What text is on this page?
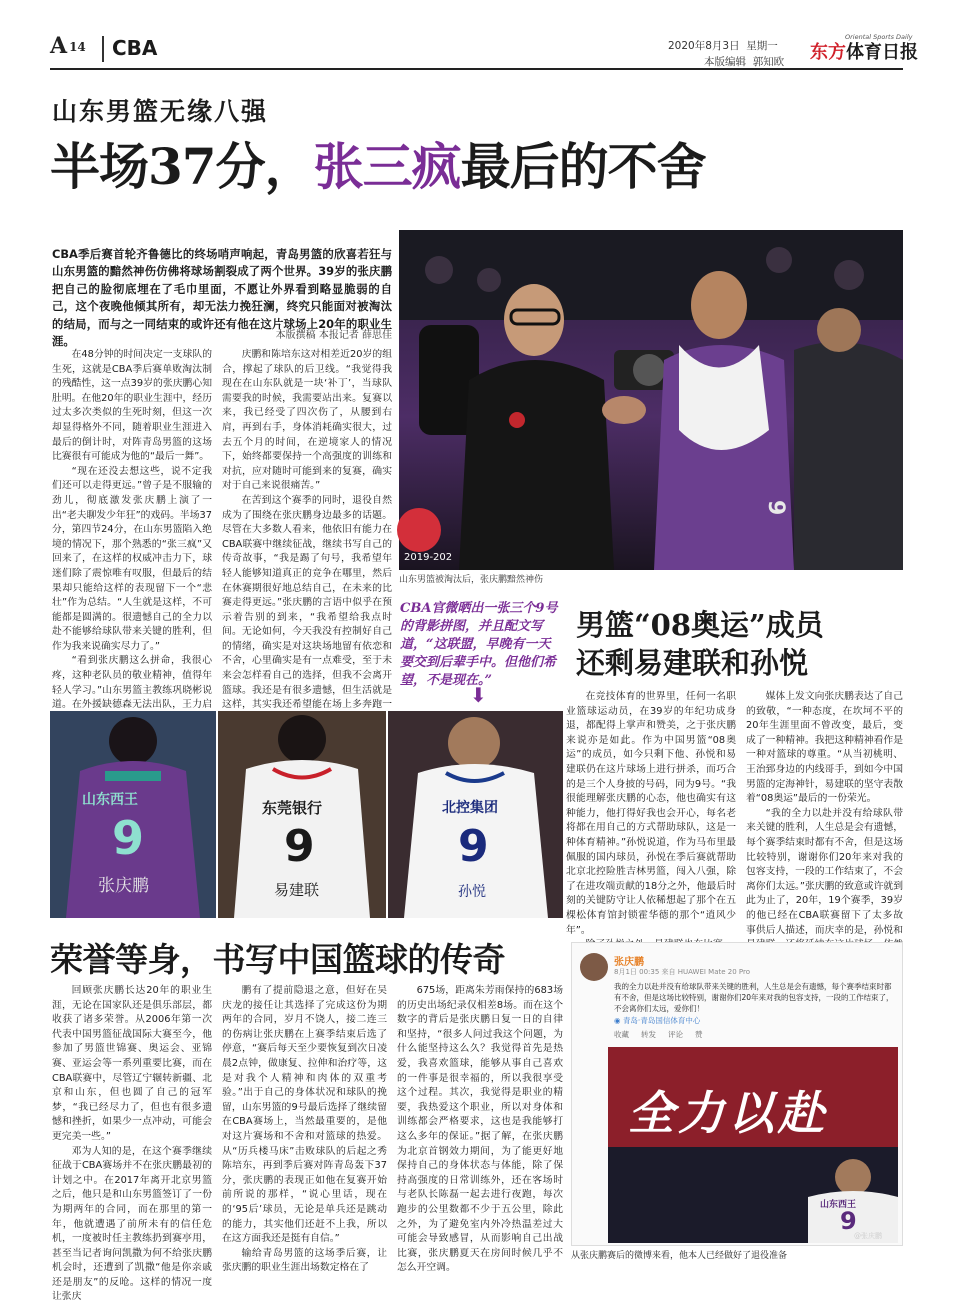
A 14 CBA	2020年8月3日 星期一
本版编辑 郭知欧
Oriental Sports Daily
东方体育日报
山东男篮无缘八强
半场37分，张三疯最后的不舍
CBA季后赛首轮齐鲁德比的终场哨声响起，青岛男篮的欣喜若狂与山东男篮的黯然神伤仿佛将球场割裂成了两个世界。39岁的张庆鹏把自己的脸彻底埋在了毛巾里面，不愿让外界看到略显脆弱的自己，这个夜晚他倾其所有，却无法力挽狂澜，终究只能面对被淘汰的结局，而与之一同结束的或许还有他在这片球场上20年的职业生涯。	本版撰稿 本报记者 薛思佳

在48分钟的时间决定一支球队的生死，这就是CBA季后赛单败淘汰制的残酷性，这一点39岁的张庆鹏心知肚明。在他20年的职业生涯中，经历过太多次类似的生死时刻，但这一次却显得格外不同，随着职业生涯进入最后的倒计时，对阵青岛男篮的这场比赛很有可能成为他的“最后一舞”。

“现在还没去想这些，说不定我们还可以走得更远。”曾子是不服输的劲儿，彻底激发张庆鹏上演了一出“老夫聊发少年狂”的戏码。半场37分，第四节24分，在山东男篮陷入绝境的情况下，那个熟悉的“张三疯”又回来了，在这样的权威冲击力下，球迷们除了震惊唯有叹服，但最后的结果却只能给这样的表现留下一个“悲壮”作为总结。“人生就是这样，不可能都是圆满的。很遗憾自己的全力以赴不能够给球队带来关键的胜利，但作为我来说确实尽力了。”

“看到张庆鹏这么拼命，我很心疼，这种老队员的敬业精神，值得年轻人学习。”山东男篮主教练巩晓彬说道。在外援缺德森无法出队，王力启

庆鹏和陈培东这对相差近20岁的组合，撑起了球队的后卫线。“我觉得我现在在山东队就是一块‘补丁’，当球队需要我的时候，我需要站出来。复赛以来，我已经受了四次伤了，从腰到右肩，再到右手，身体消耗确实很大，过去五个月的时间，在逆境家人的情况下，始终都要保持一个高强度的训练和对抗，应对随时可能到来的复赛，确实对于自己来说很痛苦。”

在苦到这个赛季的同时，退役自然成为了围绕在张庆鹏身边最多的话题。尽管在大多数人看来，他依旧有能力在CBA联赛中继续征战，继续书写自己的传奇故事，“我是踢了句号，我希望年轻人能够知道真正的竞争在哪里，然后在休赛期很好地总结自己，在未来的比赛走得更远。”张庆鹏的言语中似乎在预示着告别的到来，“我希望给我点时间。无论如何，今天我没有控制好自己的情绪，确实是对这块场地留有依恋和不舍，心里确实是有一点难受，至于未来会怎样看自己的选择，但我不会离开篮球。我还是有很多遗憾，但生活就是这样，其实我还希望能在场上多奔跑一

9
2019-202
山东男篮被淘汰后，张庆鹏黯然神伤
CBA官微晒出一张三个9号的背影拼图，并且配文写道，“这联盟，早晚有一天要交到后辈手中。但他们希望，不是现在。”
⬇
男篮“08奥运”成员
还剩易建联和孙悦

在竞技体育的世界里，任何一名职业篮球运动员，在39岁的年纪功成身退，都配得上掌声和赞美，之于张庆鹏来说亦是如此。作为中国男篮“08奥运”的成员，如今只剩下他、孙悦和易建联仍在这片球场上进行拼杀，而巧合的是三个人身披的号码，同为9号。“我很能理解张庆鹏的心态，他也确实有这种能力，他打得好我也会开心，每名老将都在用自己的方式帮助球队，这是一种体育精神。”孙悦说道，作为马布里最佩服的国内球员，孙悦在季后赛就帮助北京北控险胜吉林男篮，闯入八强，除了在进攻端贡献的18分之外，他最后时刻的关键防守让人依稀想起了那个在五棵松体育馆封锁霍华德的那个“逍风少年”。

媒体上发文向张庆鹏表达了自己的致敬，“一种态度，在坎坷不平的20年生涯里面不曾改变，最后，变成了一种精神。我把这种精神看作是一种对篮球的尊重。“从当初桃明、王治郅身边的内线哥手，到如今中国男篮的定海神针，易建联的坚守表散着“08奥运”最后的一份荣光。

“我的全力以赴并没有给球队带来关键的胜利，人生总是会有遗憾，每个赛季结束时都有不舍，但是这场比较特别，谢谢你们20年来对我的包容支持，一段的工作结束了，不会离你们太远。”张庆鹏的致意或许就到此为止了，20年，19个赛季，39岁的他已经在CBA联赛留下了太多故事供后人描述，而庆幸的是，孙悦和

山东西王
9
张庆鹏
东莞银行
9
易建联
北控集团
9
孙悦
荣誉等身，书写中国篮球的传奇

回顾张庆鹏长达20年的职业生涯，无论在国家队还是俱乐部层，都收获了诸多荣誉。从2006年第一次代表中国男篮征战国际大赛至今，他参加了男篮世锦赛、奥运会、亚锦赛、亚运会等一系列重要比赛，而在CBA联赛中，尽管辽宁辗转新疆、北京和山东，但也圆了自己的冠军梦，“我已经尽力了，但也有很多遗憾和挫折，如果少一点冲动，可能会更完美一些。”

邓为人知的是，在这个赛季继续征战于CBA赛场并不在张庆鹏最初的计划之中。在2017年离开北京男篮之后，他只是和山东男篮签订了一份为期两年的合同，而在那里的第一年，他就遭遇了前所未有的信任危机，一度被时任主教练扔到赛亭用，甚至当记者询问凯撒为何不给张庆鹏机会时，还遭到了凯撒“他是你亲戚还是朋友”的反呛。这样的情况一度让张庆

鹏有了提前隐退之意，但好在吴庆龙的接任让其选择了完成这份为期两年的合同，岁月不饶人，接二连三的伤病让张庆鹏在上赛季结束后选了停意，“赛后每天至少要恢复到次日凌晨2点钟，做康复、拉伸和治疗等，这是对我个人精神和肉体的双重考验。”出于自己的身体状况和球队的挽留，山东男篮的9号最后选择了继续留在CBA赛场上，当然最重要的，是他对这片赛场和不舍和对篮球的热爱。从“历兵楼马床”击败球队的后起之秀陈培东，再到季后赛对阵青岛轰下37分，张庆鹏的表现正如他在复赛开始前所说的那样，“说心里话，现在的‘95后’球员，无论是单兵还是跳动的能力，其实他们还赶不上我，所以在这方面我还是挺有自信。”

输给青岛男篮的这场季后赛，让张庆鹏的职业生涯出场数定格在了

675场，距离朱芳雨保持的683场的历史出场纪录仅相差8场。而在这个数字的背后是张庆鹏日复一日的自律和坚持，“很多人问过我这个问题，为什么能坚持这么久？我觉得首先是热爱，我喜欢篮球，能够从事自己喜欢的一件事是很幸福的，所以我很享受这个过程。其次，我觉得是职业的精要，我热爱这个职业，所以对身体和训练都会严格要求，这也是我能够打这么多年的保证。”据了解，在张庆鹏为北京首钢效力期间，为了能更好地保持自己的身体状态与体能，除了保持高强度的日常训练外，还在客场时与老队长陈磊一起去进行夜跑，每次跑步的公里数都不少于五公里，除此之外，为了避免室内外冷热温差过大可能会导致感冒，从而影响自己出战比赛，张庆鹏夏天在房间时候几乎不怎么开空调。

张庆鹏
8月1日 00:35 来自 HUAWEI Mate 20 Pro
我的全力以赴并没有给球队带来关键的胜利，人生总是会有遗憾，每个赛季结束时都有不舍，但是这场比较特别，谢谢你们20年来对我的包容支持，一段的工作结束了，不会离你们太远，爱你们！
◉ 青岛·青岛国信体育中心
收藏 转发 评论 赞
全力以赴
山东西王
9
@张庆鹏
从张庆鹏赛后的微博来看，他本人已经做好了退役准备
